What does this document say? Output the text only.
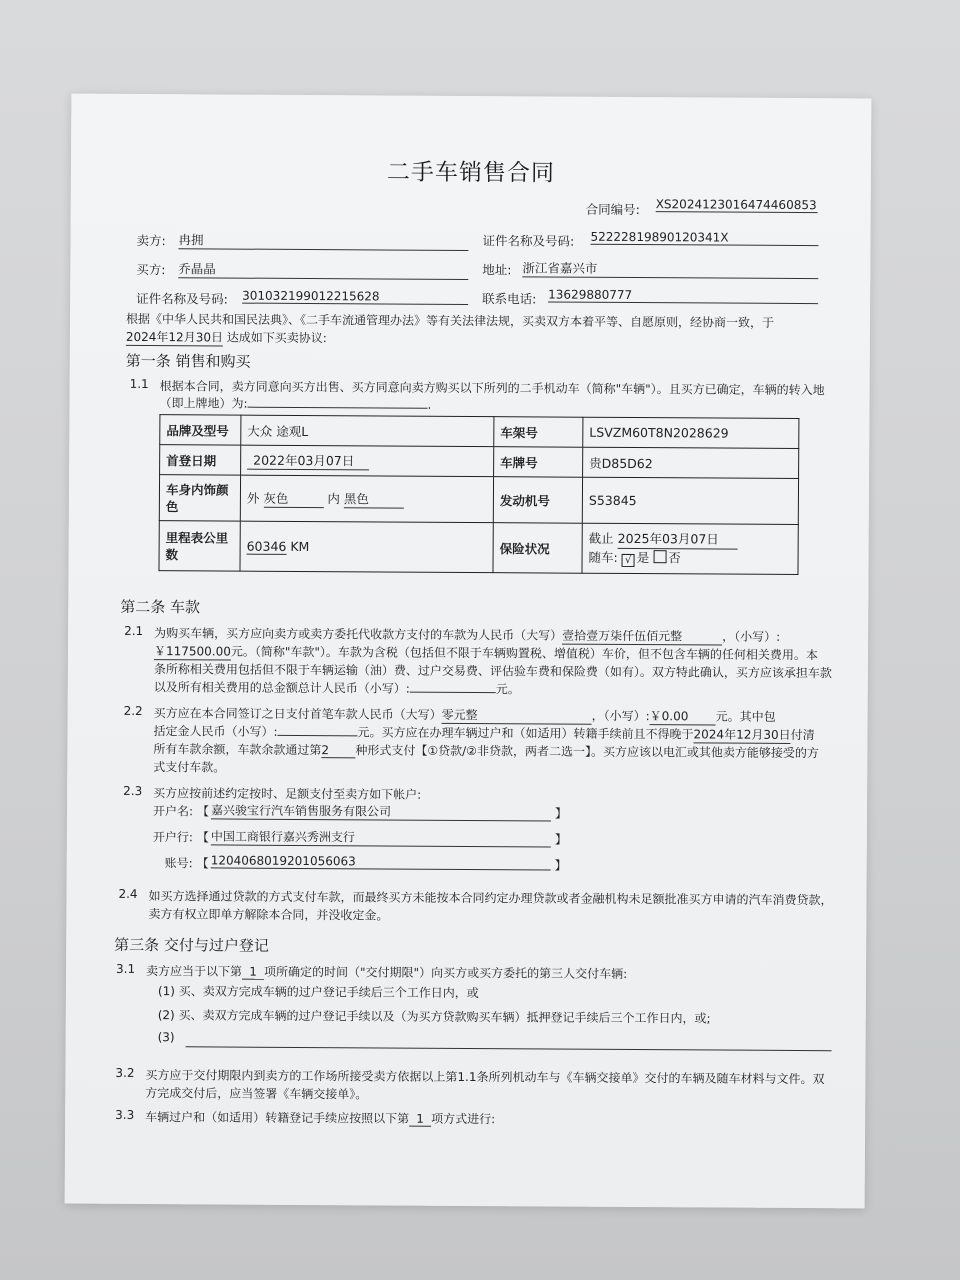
二手车销售合同
合同编号: XS2024123016474460853
卖方: 冉拥	证件名称及号码: 52222819890120341X
买方: 乔晶晶	地址: 浙江省嘉兴市
证件名称及号码: 301032199012215628	联系电话: 13629880777
根据《中华人民共和国民法典》、《二手车流通管理办法》等有关法律法规，买卖双方本着平等、自愿原则，经协商一致，于
2024年12月30日 达成如下买卖协议:
第一条 销售和购买
1.1 根据本合同，卖方同意向买方出售、买方同意向卖方购买以下所列的二手机动车（简称"车辆"）。且买方已确定，车辆的转入地
（即上牌地）为:	.
品牌及型号	大众 途观L	车架号	LSVZM60T8N2028629
首登日期	2022年03月07日	车牌号	贵D85D62
车身内饰颜色	外 灰色 内 黑色	发动机号	S53845
里程表公里数	60346 KM	保险状况	截止 2025年03月07日
随车: √ 是 否
第二条 车款
2.1 为购买车辆，买方应向卖方或卖方委托代收款方支付的车款为人民币（大写）壹拾壹万柒仟伍佰元整	，（小写）:
￥117500.00元。（简称"车款"）。车款为含税（包括但不限于车辆购置税、增值税）车价，但不包含车辆的任何相关费用。本
条所称相关费用包括但不限于车辆运输（油）费、过户交易费、评估验车费和保险费（如有）。双方特此确认，买方应该承担车款
以及所有相关费用的总金额总计人民币（小写）:	元。
2.2 买方应在本合同签订之日支付首笔车款人民币（大写）零元整	，（小写）:￥0.00 元。其中包
括定金人民币（小写）:	元。买方应在办理车辆过户和（如适用）转籍手续前且不得晚于2024年12月30日付清
所有车款余额，车款余款通过第2 种形式支付【①贷款/②非贷款，两者二选一】。买方应该以电汇或其他卖方能够接受的方
式支付车款。
2.3 买方应按前述约定按时、足额支付至卖方如下帐户:
开户名: 【 嘉兴骏宝行汽车销售服务有限公司	】
开户行: 【 中国工商银行嘉兴秀洲支行	】
账号: 【 1204068019201056063	】
2.4 如买方选择通过贷款的方式支付车款，而最终买方未能按本合同约定办理贷款或者金融机构未足额批准买方申请的汽车消费贷款，
卖方有权立即单方解除本合同，并没收定金。
第三条 交付与过户登记
3.1 卖方应当于以下第 1 项所确定的时间（"交付期限"）向买方或买方委托的第三人交付车辆:
(1) 买、卖双方完成车辆的过户登记手续后三个工作日内，或
(2) 买、卖双方完成车辆的过户登记手续以及（为买方贷款购买车辆）抵押登记手续后三个工作日内，或;
(3)
3.2 买方应于交付期限内到卖方的工作场所接受卖方依据以上第1.1条所列机动车与《车辆交接单》交付的车辆及随车材料与文件。双
方完成交付后，应当签署《车辆交接单》。
3.3 车辆过户和（如适用）转籍登记手续应按照以下第 1 项方式进行:
